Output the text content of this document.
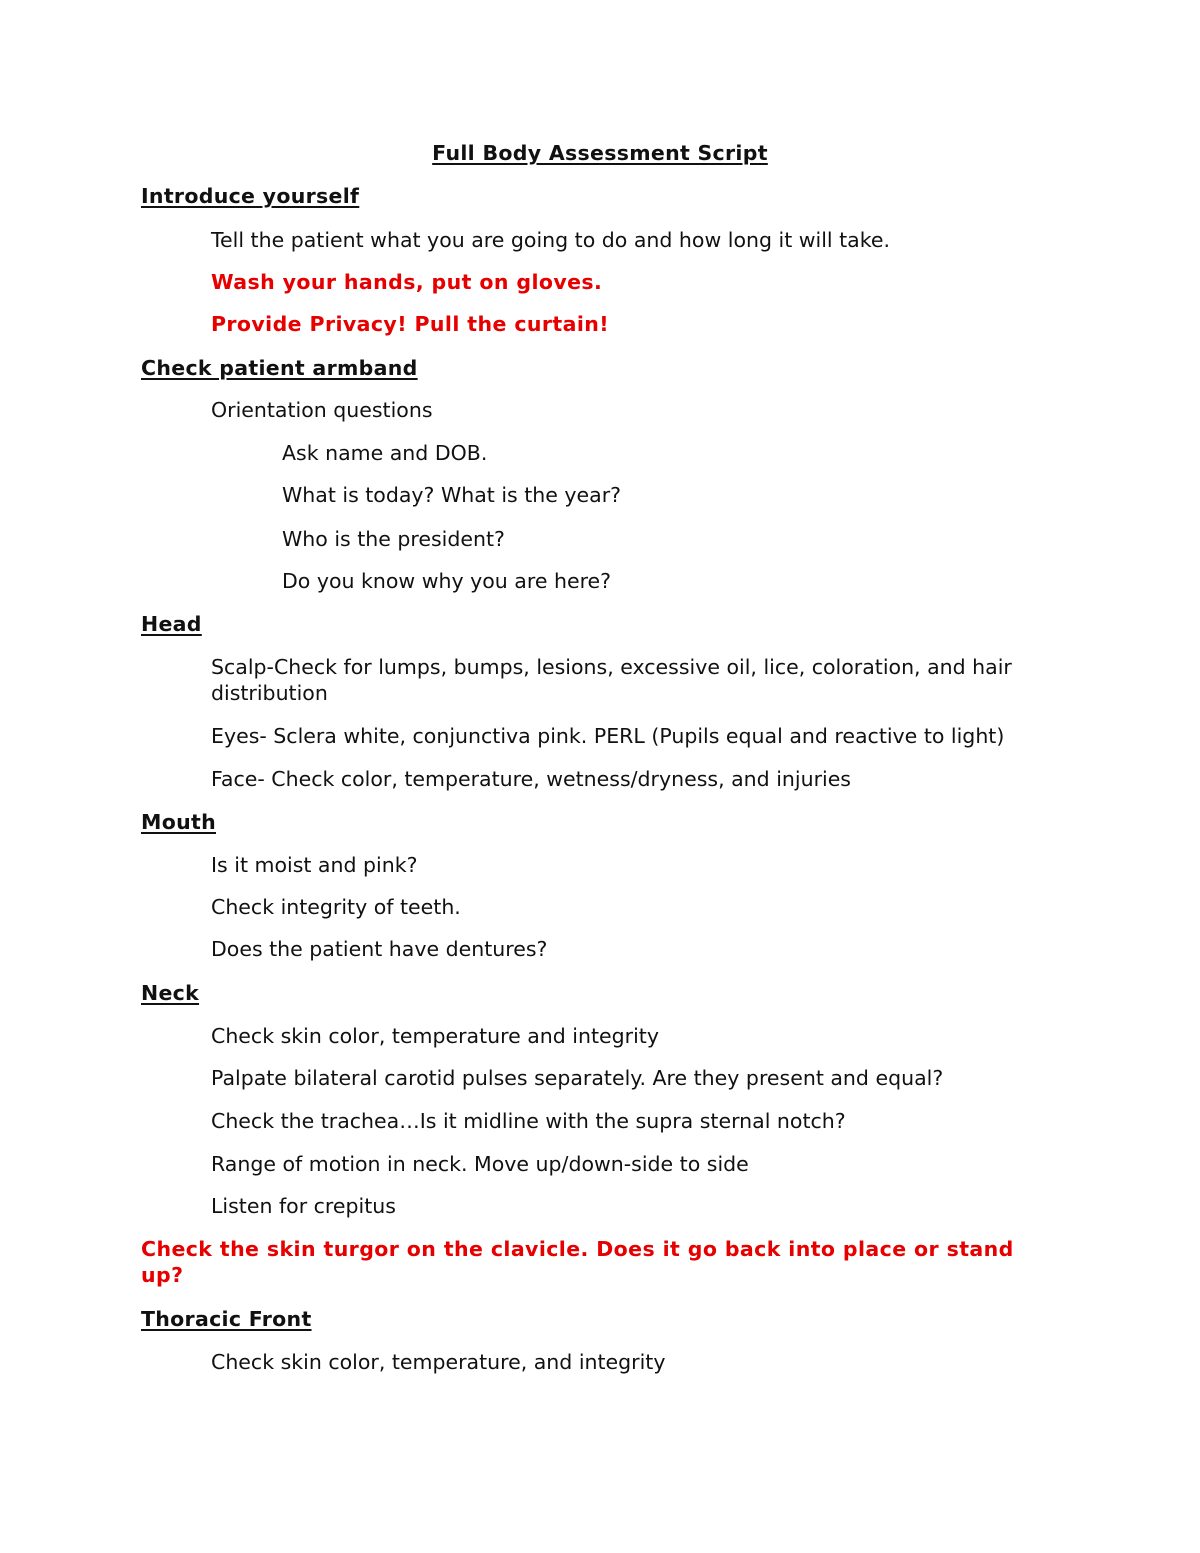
Full Body Assessment Script

Introduce yourself

Tell the patient what you are going to do and how long it will take.

Wash your hands, put on gloves.

Provide Privacy! Pull the curtain!

Check patient armband

Orientation questions

Ask name and DOB.

What is today? What is the year?

Who is the president?

Do you know why you are here?

Head

Scalp-Check for lumps, bumps, lesions, excessive oil, lice, coloration, and hair distribution

Eyes- Sclera white, conjunctiva pink. PERL (Pupils equal and reactive to light)

Face- Check color, temperature, wetness/dryness, and injuries

Mouth

Is it moist and pink?

Check integrity of teeth.

Does the patient have dentures?

Neck

Check skin color, temperature and integrity

Palpate bilateral carotid pulses separately. Are they present and equal?

Check the trachea…Is it midline with the supra sternal notch?

Range of motion in neck. Move up/down-side to side

Listen for crepitus

Check the skin turgor on the clavicle. Does it go back into place or stand up?

Thoracic Front

Check skin color, temperature, and integrity
